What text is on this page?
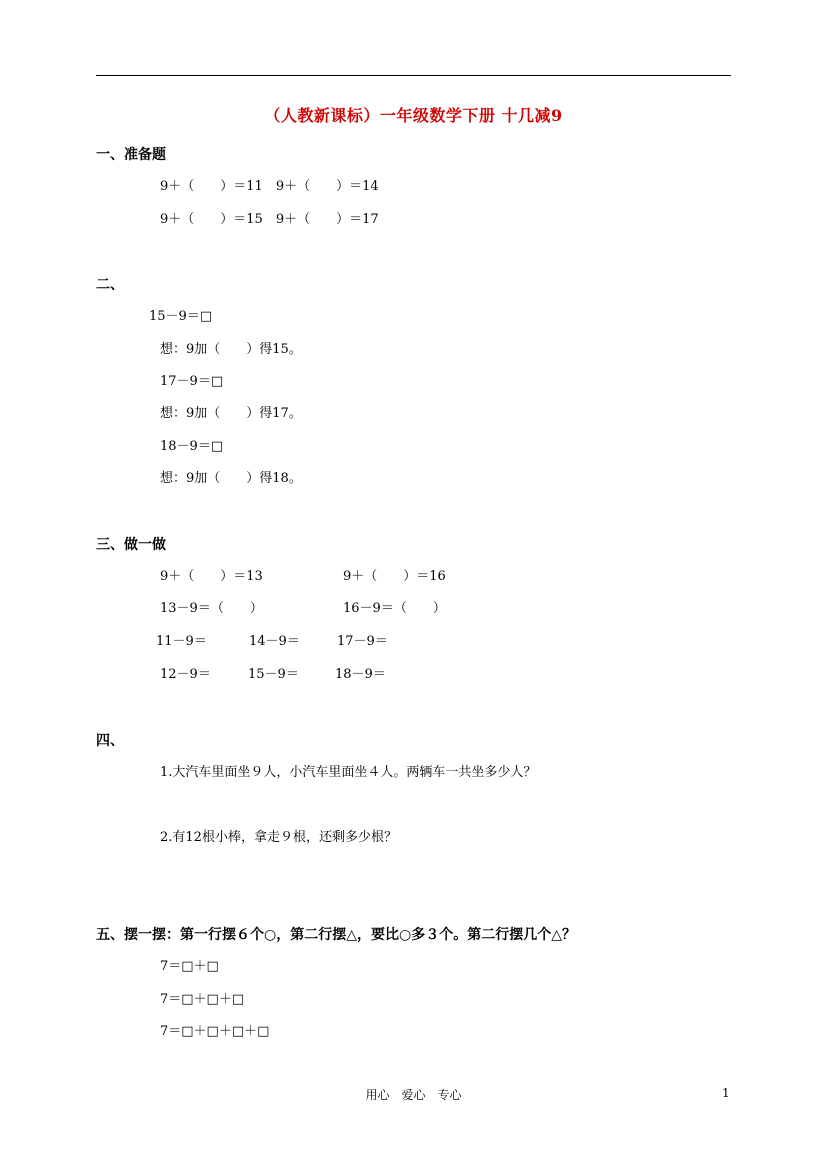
（人教新课标）一年级数学下册 十几减9
一、准备题
9＋（　　）＝11　9＋（　　）＝14
9＋（　　）＝15　9＋（　　）＝17
二、
15－9＝□
想：9加（　　）得15。
17－9＝□
想：9加（　　）得17。
18－9＝□
想：9加（　　）得18。
三、做一做
9＋（　　）＝13	9＋（　　）＝16
13－9＝（　　）	16－9＝（　　）
11－9＝	14－9＝	17－9＝
12－9＝	15－9＝	18－9＝
四、
1.大汽车里面坐９人，小汽车里面坐４人。两辆车一共坐多少人？
2.有12根小棒，拿走９根，还剩多少根？
五、摆一摆：第一行摆６个○，第二行摆△，要比○多３个。第二行摆几个△？
7＝□＋□
7＝□＋□＋□
7＝□＋□＋□＋□
用心　爱心　专心	1
